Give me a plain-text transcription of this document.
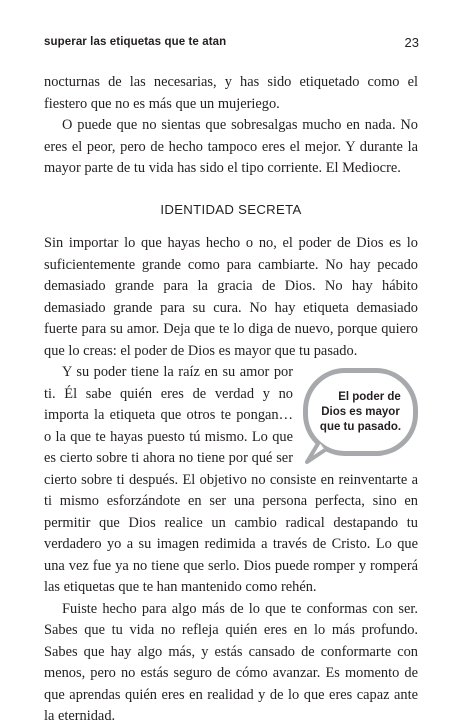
superar las etiquetas que te atan	23

nocturnas de las necesarias, y has sido etiquetado como el fiestero que no es más que un mujeriego.

O puede que no sientas que sobresalgas mucho en nada. No eres el peor, pero de hecho tampoco eres el mejor. Y durante la mayor parte de tu vida has sido el tipo corriente. El Mediocre.

IDENTIDAD SECRETA

Sin importar lo que hayas hecho o no, el poder de Dios es lo suficientemente grande como para cambiarte. No hay pecado demasiado grande para la gracia de Dios. No hay hábito demasiado grande para su cura. No hay etiqueta demasiado fuerte para su amor. Deja que te lo diga de nuevo, porque quiero que lo creas: el poder de Dios es mayor que tu pasado.

El poder de Dios es mayor que tu pasado.
Y su poder tiene la raíz en su amor por ti. Él sabe quién eres de verdad y no importa la etiqueta que otros te pongan… o la que te hayas puesto tú mismo. Lo que es cierto sobre ti ahora no tiene por qué ser cierto sobre ti después. El objetivo no consiste en reinventarte a ti mismo esforzándote en ser una persona perfecta, sino en permitir que Dios realice un cambio radical destapando tu verdadero yo a su imagen redimida a través de Cristo. Lo que una vez fue ya no tiene que serlo. Dios puede romper y romperá las etiquetas que te han mantenido como rehén.

Fuiste hecho para algo más de lo que te conformas con ser. Sabes que tu vida no refleja quién eres en lo más profundo. Sabes que hay algo más, y estás cansado de conformarte con menos, pero no estás seguro de cómo avanzar. Es momento de que aprendas quién eres en realidad y de lo que eres capaz ante la eternidad.
